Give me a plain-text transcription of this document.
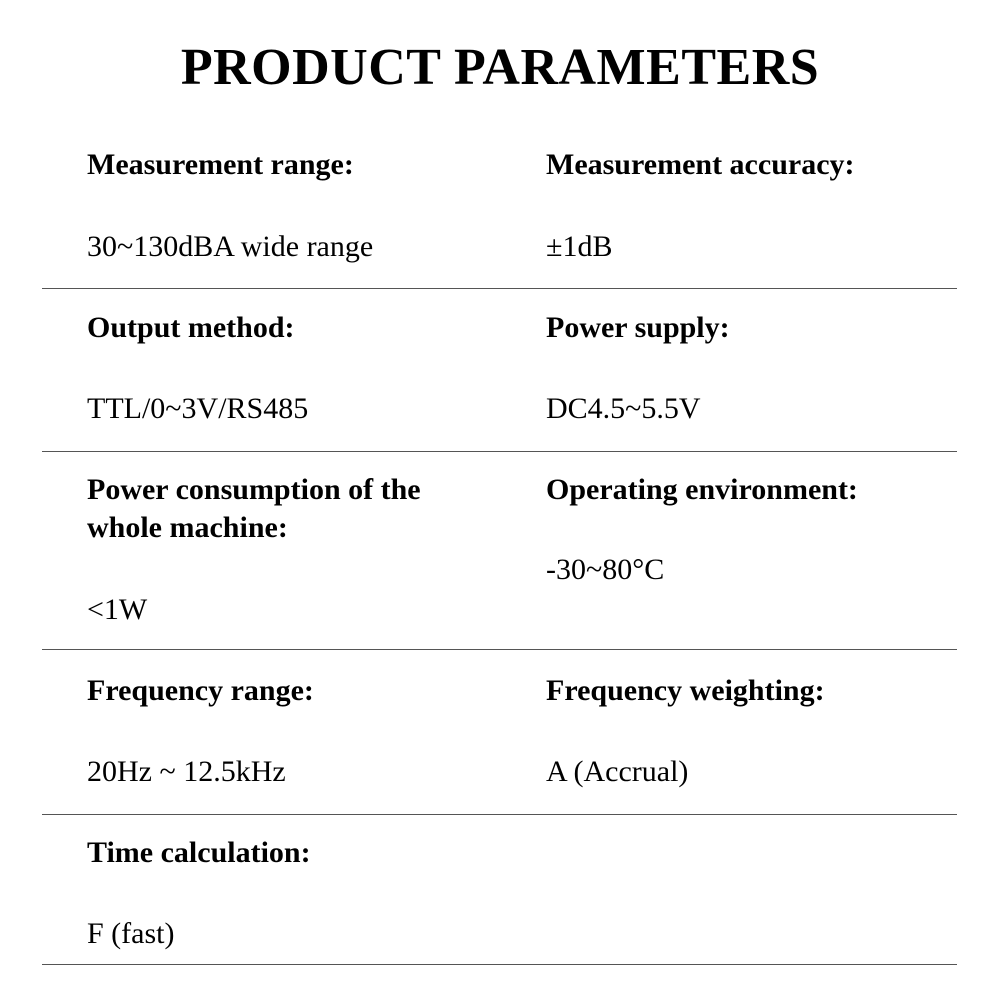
PRODUCT PARAMETERS
Measurement range:
30~130dBA wide range
Measurement accuracy:
±1dB
Output method:
TTL/0~3V/RS485
Power supply:
DC4.5~5.5V
Power consumption of the whole machine:
<1W
Operating environment:
-30~80°C
Frequency range:
20Hz ~ 12.5kHz
Frequency weighting:
A (Accrual)
Time calculation:
F (fast)
